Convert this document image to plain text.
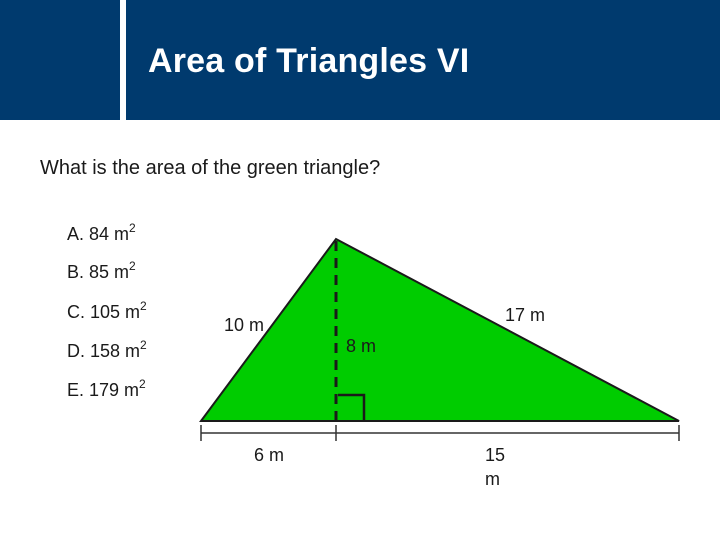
Area of Triangles VI
What is the area of the green triangle?
A. 84 $m^2$
B. 85 $m^2$
C. 105 $m^2$
D. 158 $m^2$
E. 179 $m^2$
10 m	17 m
8 m
6 m	15
m
